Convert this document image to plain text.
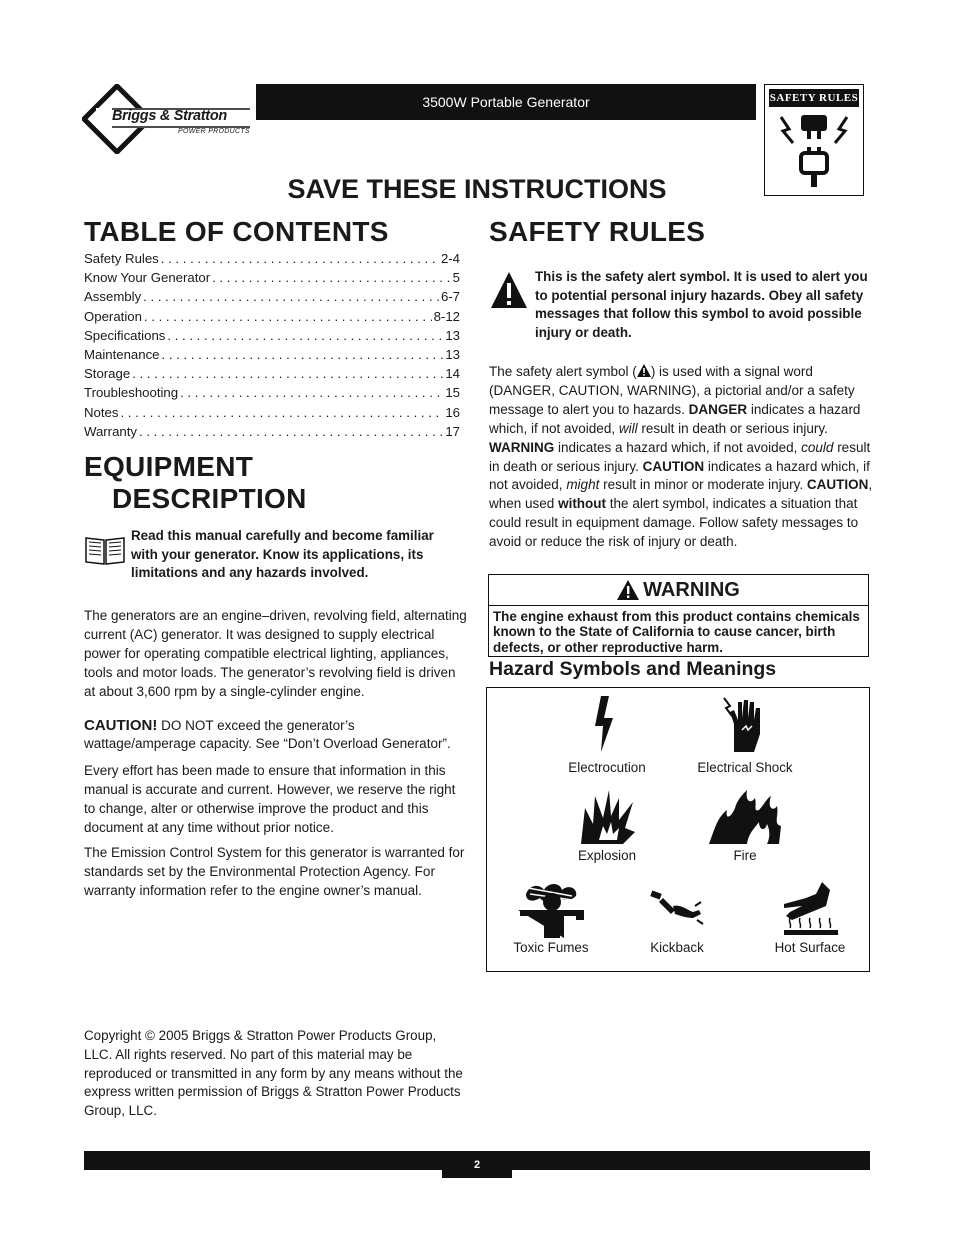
Briggs & Stratton
POWER PRODUCTS
3500W Portable Generator	SAFETY RULES
SAVE THESE INSTRUCTIONS
TABLE OF CONTENTS
Safety Rules . . .	2-4
Know Your Generator . . .	5
Assembly . . .	6-7
Operation . . .	8-12
Specifications . . .	13
Maintenance . . .	13
Storage . . .	14
Troubleshooting . . .	15
Notes . . .	16
Warranty . . .	17
EQUIPMENT
DESCRIPTION
Read this manual carefully and become familiar with your generator. Know its applications, its limitations and any hazards involved.

The generators are an engine–driven, revolving field, alternating current (AC) generator. It was designed to supply electrical power for operating compatible electrical lighting, appliances, tools and motor loads. The generator’s revolving field is driven at about 3,600 rpm by a single-cylinder engine.

CAUTION! DO NOT exceed the generator’s wattage/amperage capacity. See “Don’t Overload Generator”.

Every effort has been made to ensure that information in this manual is accurate and current. However, we reserve the right to change, alter or otherwise improve the product and this document at any time without prior notice.

The Emission Control System for this generator is warranted for standards set by the Environmental Protection Agency. For warranty information refer to the engine owner’s manual.

Copyright © 2005 Briggs & Stratton Power Products Group, LLC. All rights reserved. No part of this material may be reproduced or transmitted in any form by any means without the express written permission of Briggs & Stratton Power Products Group, LLC.
SAFETY RULES
This is the safety alert symbol. It is used to alert you to potential personal injury hazards. Obey all safety messages that follow this symbol to avoid possible injury or death.

The safety alert symbol ( ) is used with a signal word (DANGER, CAUTION, WARNING), a pictorial and/or a safety message to alert you to hazards. DANGER indicates a hazard which, if not avoided, will result in death or serious injury. WARNING indicates a hazard which, if not avoided, could result in death or serious injury. CAUTION indicates a hazard which, if not avoided, might result in minor or moderate injury. CAUTION, when used without the alert symbol, indicates a situation that could result in equipment damage. Follow safety messages to avoid or reduce the risk of injury or death.

WARNING
The engine exhaust from this product contains chemicals known to the State of California to cause cancer, birth defects, or other reproductive harm.
Hazard Symbols and Meanings
Electrocution	Electrical Shock
Explosion	Fire
Toxic Fumes	Kickback	Hot Surface
2
